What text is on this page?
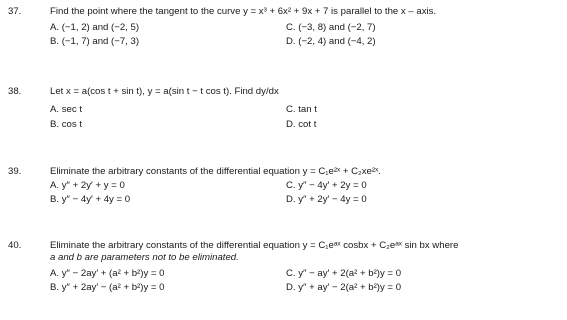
37.	Find the point where the tangent to the curve y = x³ + 6x² + 9x + 7 is parallel to the x – axis.
A. (−1, 2) and (−2, 5)	C. (−3, 8) and (−2, 7)
B. (−1, 7) and (−7, 3)	D. (−2, 4) and (−4, 2)
38.	Let x = a(cos t + sin t), y = a(sin t − t cos t). Find dy/dx
A. sec t	C. tan t
B. cos t	D. cot t
39.	Eliminate the arbitrary constants of the differential equation y = C₁e²ˣ + C₂xe²ˣ.
A. y″ + 2y′ + y = 0	C. y″ − 4y′ + 2y = 0
B. y″ − 4y′ + 4y = 0	D. y″ + 2y′ − 4y = 0
40.	Eliminate the arbitrary constants of the differential equation y = C₁eᵃˣ cosbx + C₂eᵃˣ sin bx where
a and b are parameters not to be eliminated.
A. y″ − 2ay′ + (a² + b²)y = 0	C. y″ − ay′ + 2(a² + b²)y = 0
B. y″ + 2ay′ − (a² + b²)y = 0	D. y″ + ay′ − 2(a² + b²)y = 0
